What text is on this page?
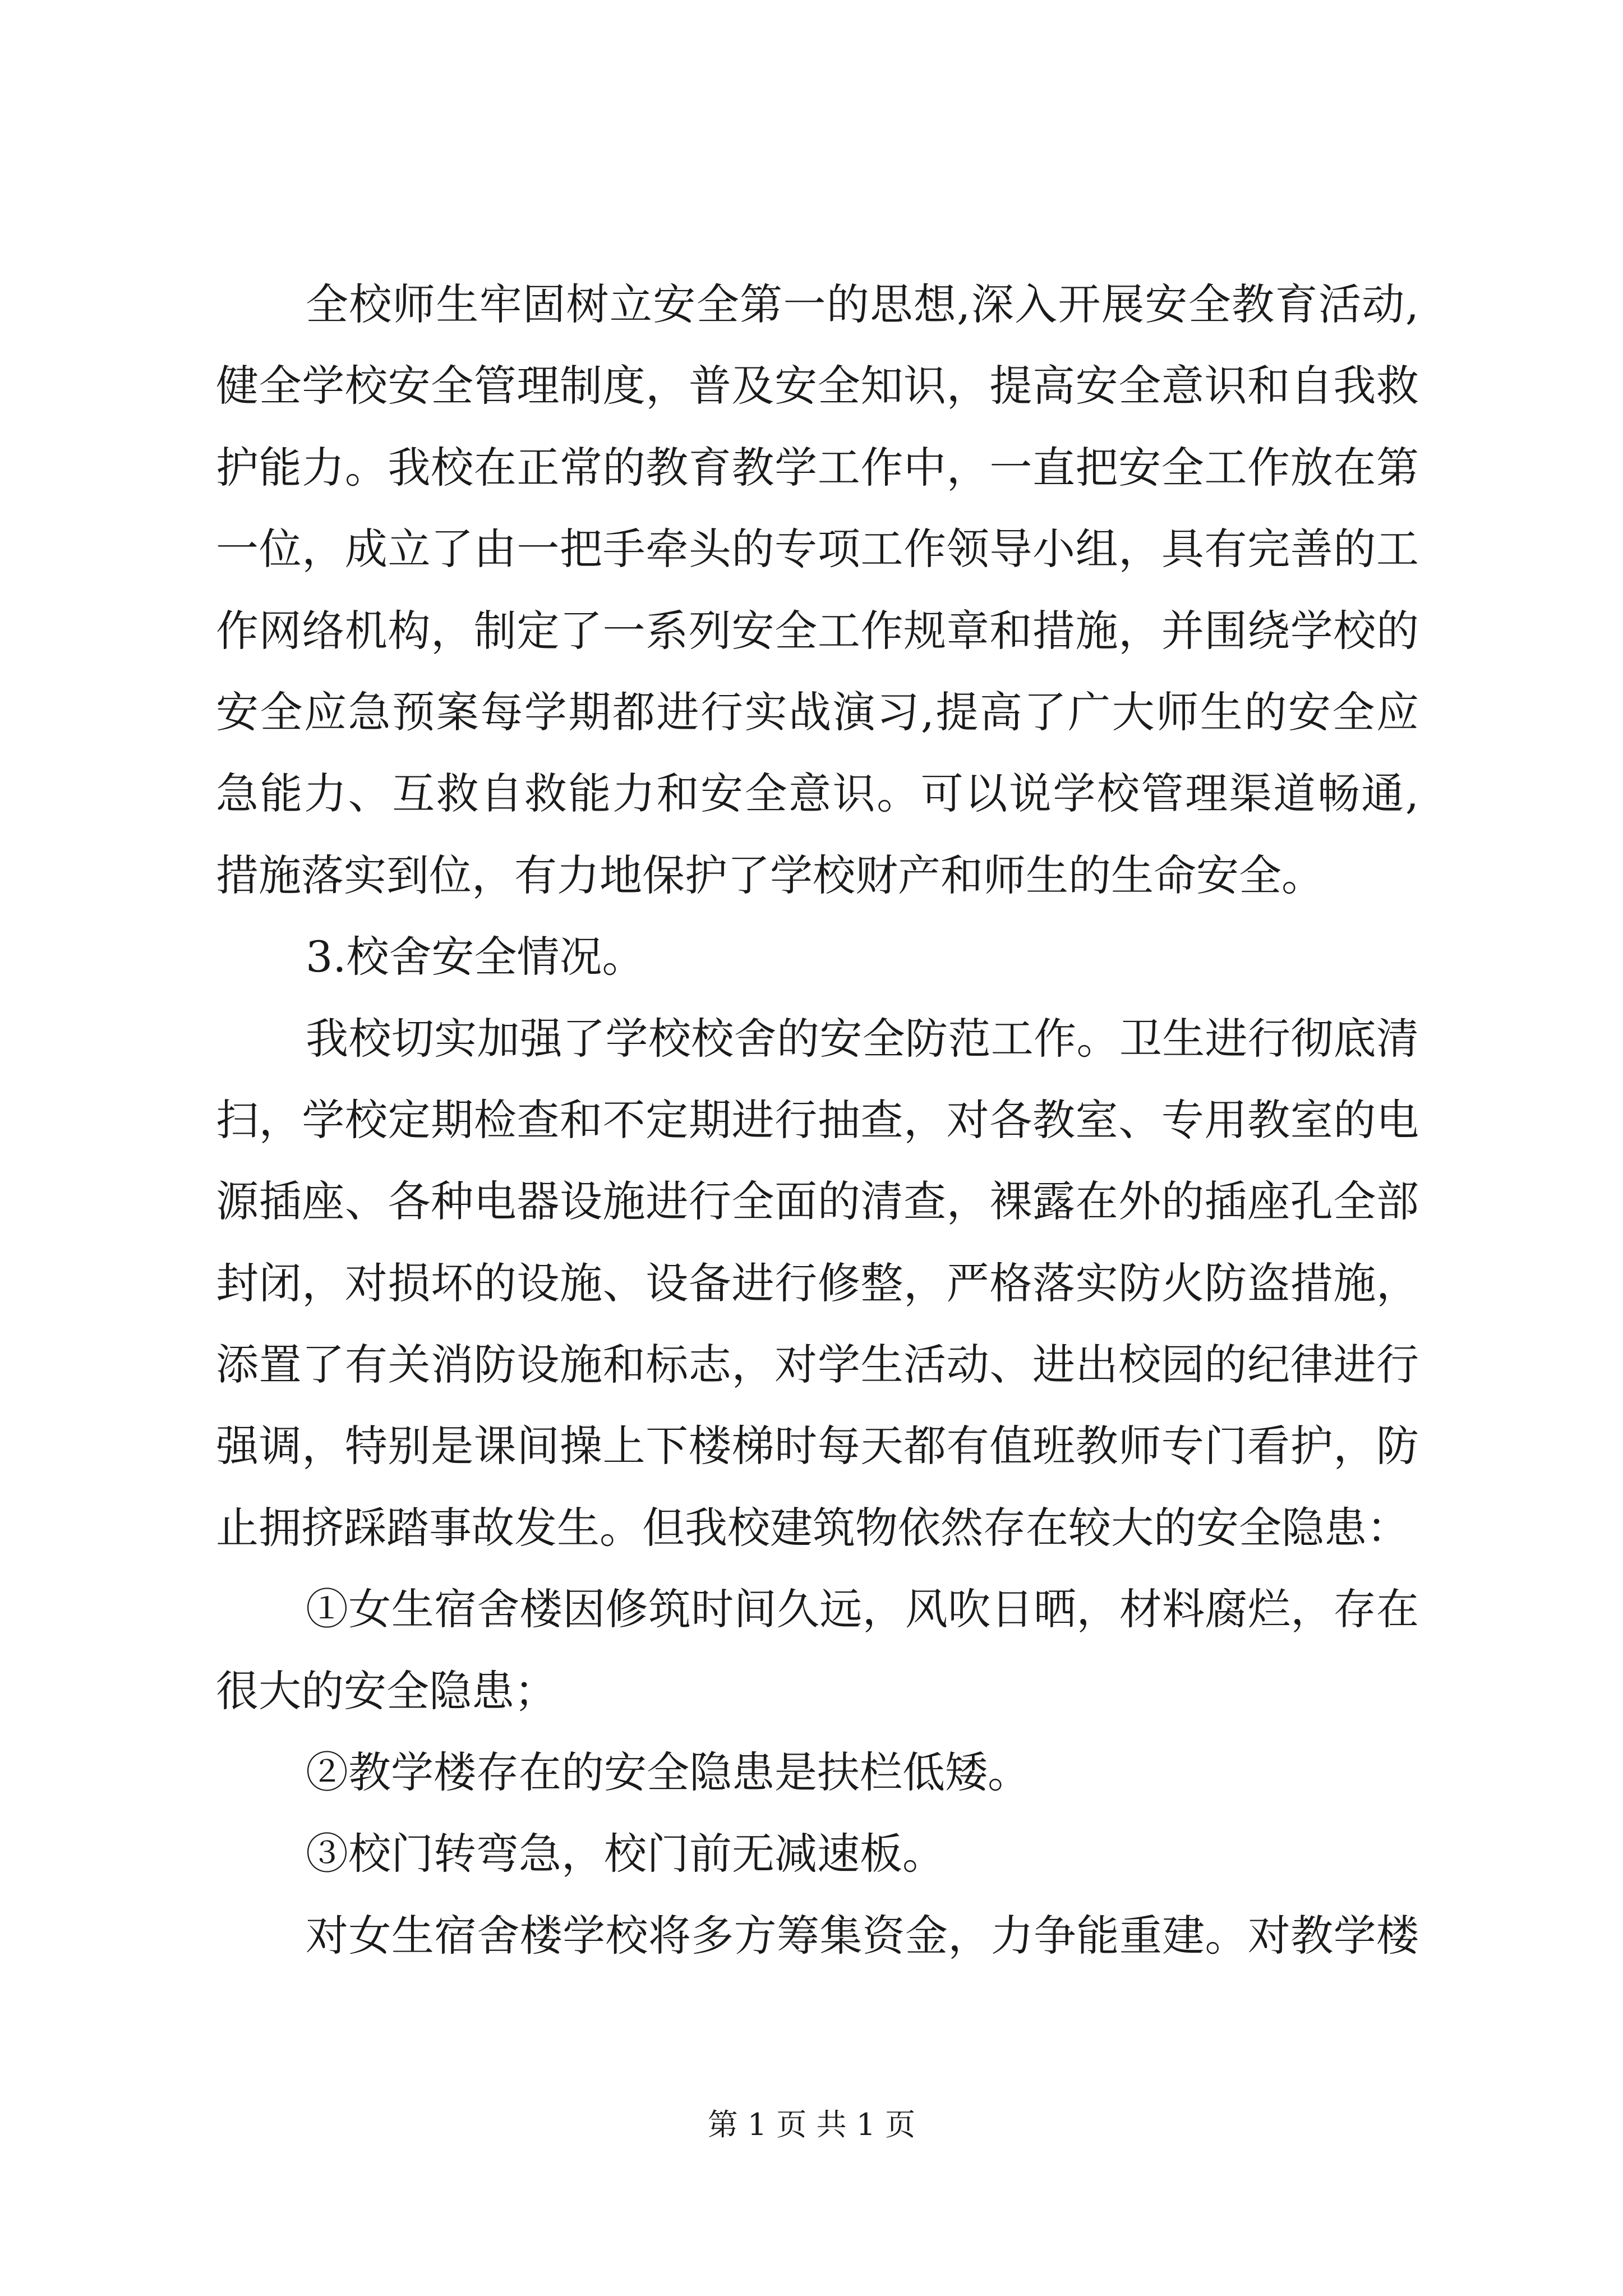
全校师生牢固树立安全第一的思想,深入开展安全教育活动,
健全学校安全管理制度，普及安全知识，提高安全意识和自我救
护能力。我校在正常的教育教学工作中，一直把安全工作放在第
一位，成立了由一把手牵头的专项工作领导小组，具有完善的工
作网络机构，制定了一系列安全工作规章和措施，并围绕学校的
安全应急预案每学期都进行实战演习,提高了广大师生的安全应
急能力、互救自救能力和安全意识。可以说学校管理渠道畅通,
措施落实到位，有力地保护了学校财产和师生的生命安全。
3.校舍安全情况。
我校切实加强了学校校舍的安全防范工作。卫生进行彻底清
扫，学校定期检查和不定期进行抽查，对各教室、专用教室的电
源插座、各种电器设施进行全面的清查，裸露在外的插座孔全部
封闭，对损坏的设施、设备进行修整，严格落实防火防盗措施，
添置了有关消防设施和标志，对学生活动、进出校园的纪律进行
强调，特别是课间操上下楼梯时每天都有值班教师专门看护，防
止拥挤踩踏事故发生。但我校建筑物依然存在较大的安全隐患：
①女生宿舍楼因修筑时间久远，风吹日晒，材料腐烂，存在
很大的安全隐患；
②教学楼存在的安全隐患是扶栏低矮。
③校门转弯急，校门前无减速板。
对女生宿舍楼学校将多方筹集资金，力争能重建。对教学楼
第 1 页 共 1 页
